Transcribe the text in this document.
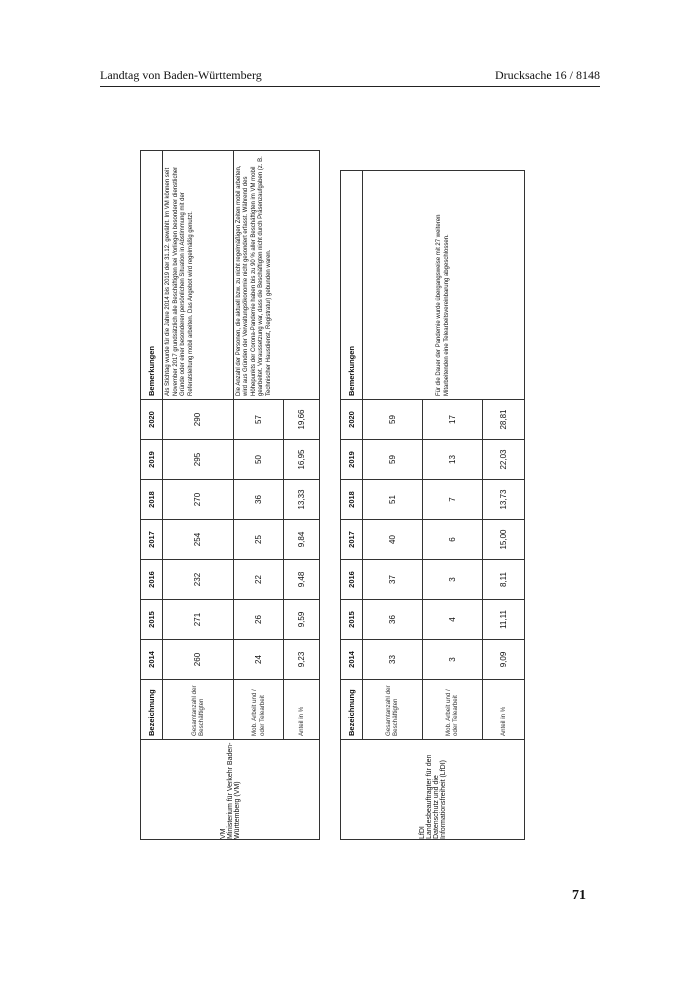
Landtag von Baden-Württemberg	Drucksache 16 / 8148
VM Ministerium für Verkehr Baden-Württemberg (VM)	Bezeichnung	2014	2015	2016	2017	2018	2019	2020	Bemerkungen
	Gesamtanzahl der Beschäftigten	260	271	232	254	270	295	290	Als Stichtag wurde für die Jahre 2014 bis 2019 der 31.12. gewählt. Im VM können seit November 2017 grundsätzlich alle Beschäftigten bei Vorliegen besonderer dienstlicher Gründe oder einer besonderen persönlichen Situation in Abstimmung mit der Referatsleitung mobil arbeiten. Das Angebot wird regelmäßig genutzt.
	Mob. Arbeit und / oder Telearbeit	24	26	22	25	36	50	57	Die Anzahl der Personen, die aktuell bzw. zu nicht regelmäßigen Zeiten mobil arbeiten, wird aus Gründen der Verwaltungsökonomie nicht gesondert erfasst. Während des Höhepunkts der Corona-Pandemie haben bis zu 90 % aller Beschäftigten im VM mobil gearbeitet. Voraussetzung war, dass die Beschäftigten nicht durch Präsenzaufgaben (z. B. Technischer Hausdienst, Registratur) gebunden waren.
	Anteil in %	9,23	9,59	9,48	9,84	13,33	16,95	19,66	
LfDI Landesbeauftragter für den Datenschutz und die Informationsfreiheit (LfDI)	Bezeichnung	2014	2015	2016	2017	2018	2019	2020	Bemerkungen
	Gesamtanzahl der Beschäftigten	33	36	37	40	51	59	59	Für die Dauer der Pandemie wurde übergangsweise mit 27 weiteren Mitarbeitenden eine Telearbeitsvereinbarung abgeschlossen.
	Mob. Arbeit und / oder Telearbeit	3	4	3	6	7	13	17	
	Anteil in %	9,09	11,11	8,11	15,00	13,73	22,03	28,81	
71
